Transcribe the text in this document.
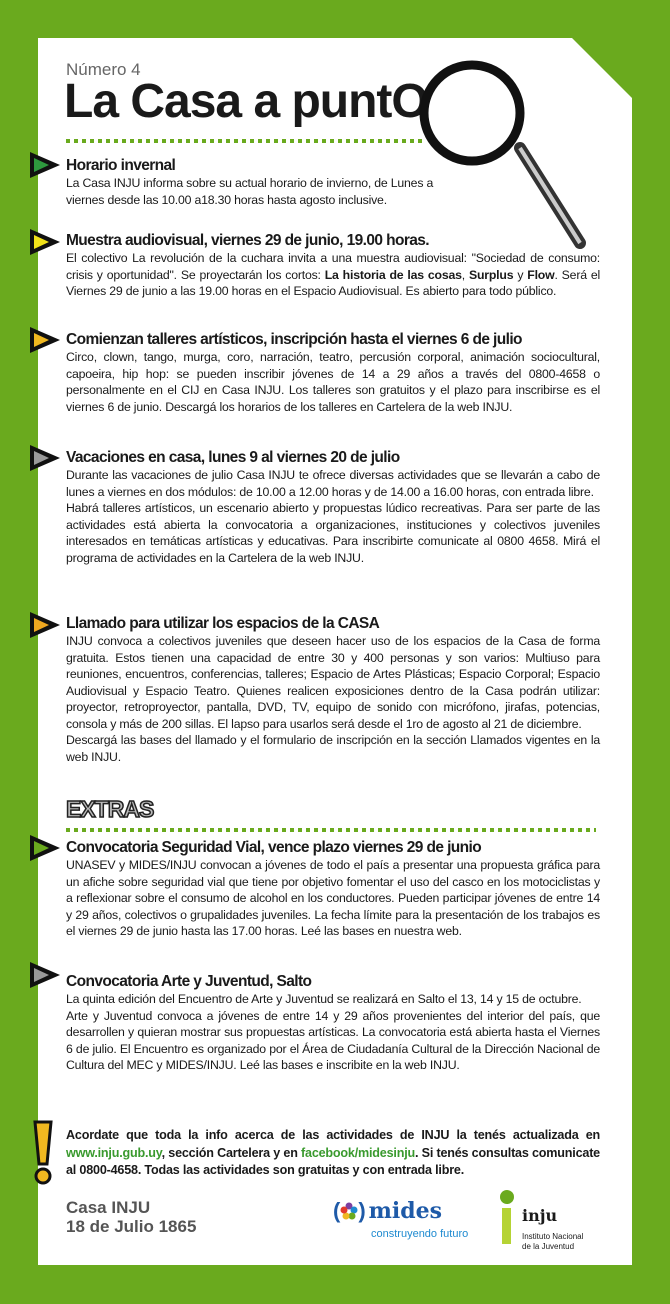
Número 4
La Casa a puntO
Horario invernal

La Casa INJU informa sobre su actual horario de invierno, de Lunes a viernes desde las 10.00 a18.30 horas hasta agosto inclusive.

Muestra audiovisual, viernes 29 de junio, 19.00 horas.

El colectivo La revolución de la cuchara invita a una muestra audiovisual: "Sociedad de consumo: crisis y oportunidad". Se proyectarán los cortos: La historia de las cosas, Surplus y Flow. Será el Viernes 29 de junio a las 19.00 horas en el Espacio Audiovisual. Es abierto para todo público.

Comienzan talleres artísticos, inscripción hasta el viernes 6 de julio

Circo, clown, tango, murga, coro, narración, teatro, percusión corporal, animación sociocultural, capoeira, hip hop: se pueden inscribir jóvenes de 14 a 29 años a través del 0800-4658 o personalmente en el CIJ en Casa INJU. Los talleres son gratuitos y el plazo para inscribirse es el viernes 6 de junio. Descargá los horarios de los talleres en Cartelera de la web INJU.

Vacaciones en casa, lunes 9 al viernes 20 de julio

Durante las vacaciones de julio Casa INJU te ofrece diversas actividades que se llevarán a cabo de lunes a viernes en dos módulos: de 10.00 a 12.00 horas y de 14.00 a 16.00 horas, con entrada libre.

Habrá talleres artísticos, un escenario abierto y propuestas lúdico recreativas. Para ser parte de las actividades está abierta la convocatoria a organizaciones, instituciones y colectivos juveniles interesados en temáticas artísticas y educativas. Para inscribirte comunicate al 0800 4658. Mirá el programa de actividades en la Cartelera de la web INJU.

Llamado para utilizar los espacios de la CASA

INJU convoca a colectivos juveniles que deseen hacer uso de los espacios de la Casa de forma gratuita. Estos tienen una capacidad de entre 30 y 400 personas y son varios: Multiuso para reuniones, encuentros, conferencias, talleres; Espacio de Artes Plásticas; Espacio Corporal; Espacio Audiovisual y Espacio Teatro. Quienes realicen exposiciones dentro de la Casa podrán utilizar: proyector, retroproyector, pantalla, DVD, TV, equipo de sonido con micrófono, jirafas, potencias, consola y más de 200 sillas. El lapso para usarlos será desde el 1ro de agosto al 21 de diciembre.

Descargá las bases del llamado y el formulario de inscripción en la sección Llamados vigentes en la web INJU.

EXTRAS
Convocatoria Seguridad Vial, vence plazo viernes 29 de junio

UNASEV y MIDES/INJU convocan a jóvenes de todo el país a presentar una propuesta gráfica para un afiche sobre seguridad vial que tiene por objetivo fomentar el uso del casco en los motociclistas y a reflexionar sobre el consumo de alcohol en los conductores. Pueden participar jóvenes de entre 14 y 29 años, colectivos o grupalidades juveniles. La fecha límite para la presentación de los trabajos es el viernes 29 de junio hasta las 17.00 horas. Leé las bases en nuestra web.

Convocatoria Arte y Juventud, Salto

La quinta edición del Encuentro de Arte y Juventud se realizará en Salto el 13, 14 y 15 de octubre.

Arte y Juventud convoca a jóvenes de entre 14 y 29 años provenientes del interior del país, que desarrollen y quieran mostrar sus propuestas artísticas. La convocatoria está abierta hasta el Viernes 6 de julio. El Encuentro es organizado por el Área de Ciudadanía Cultural de la Dirección Nacional de Cultura del MEC y MIDES/INJU. Leé las bases e inscribite en la web INJU.

Acordate que toda la info acerca de las actividades de INJU la tenés actualizada en www.inju.gub.uy, sección Cartelera y en facebook/midesinju. Si tenés consultas comunicate al 0800-4658. Todas las actividades son gratuitas y con entrada libre.
Casa INJU
18 de Julio 1865
( ) mides
construyendo futuro
inju
Instituto Nacional
de la Juventud
